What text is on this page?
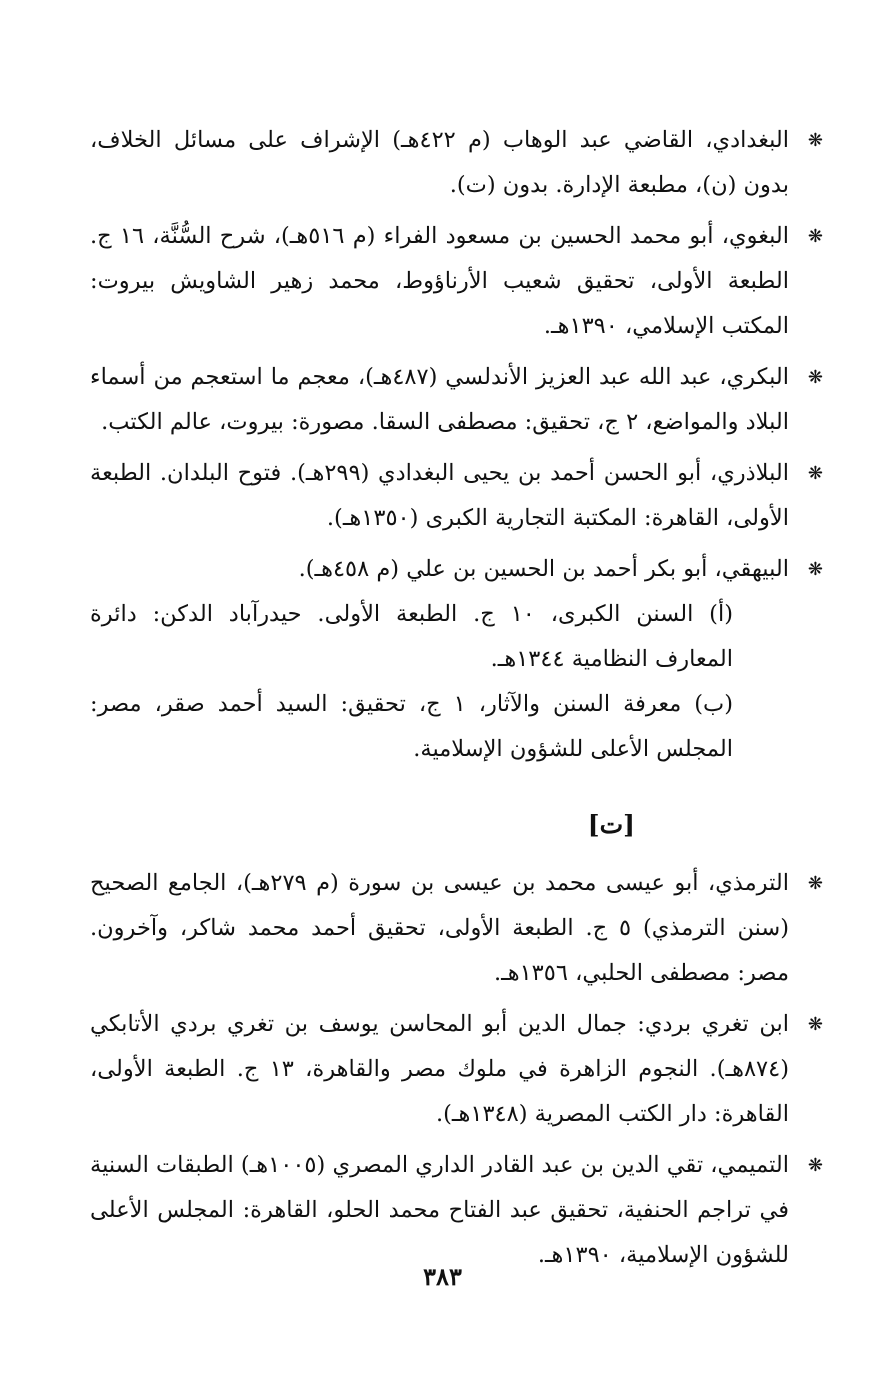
❋
البغدادي، القاضي عبد الوهاب (م ٤٢٢هـ) الإشراف على مسائل الخلاف، بدون (ن)، مطبعة الإدارة. بدون (ت).
❋
البغوي، أبو محمد الحسين بن مسعود الفراء (م ٥١٦هـ)، شرح السُّنَّة، ١٦ ج. الطبعة الأولى، تحقيق شعيب الأرناؤوط، محمد زهير الشاويش بيروت: المكتب الإسلامي، ١٣٩٠هـ.
❋
البكري، عبد الله عبد العزيز الأندلسي (٤٨٧هـ)، معجم ما استعجم من أسماء البلاد والمواضع، ٢ ج، تحقيق: مصطفى السقا. مصورة: بيروت، عالم الكتب.
❋
البلاذري، أبو الحسن أحمد بن يحيى البغدادي (٢٩٩هـ). فتوح البلدان. الطبعة الأولى، القاهرة: المكتبة التجارية الكبرى (١٣٥٠هـ).
❋
البيهقي، أبو بكر أحمد بن الحسين بن علي (م ٤٥٨هـ).
(أ) السنن الكبرى، ١٠ ج. الطبعة الأولى. حيدرآباد الدكن: دائرة المعارف النظامية ١٣٤٤هـ.
(ب) معرفة السنن والآثار، ١ ج، تحقيق: السيد أحمد صقر، مصر: المجلس الأعلى للشؤون الإسلامية.
[ت]
❋
الترمذي، أبو عيسى محمد بن عيسى بن سورة (م ٢٧٩هـ)، الجامع الصحيح (سنن الترمذي) ٥ ج. الطبعة الأولى، تحقيق أحمد محمد شاكر، وآخرون. مصر: مصطفى الحلبي، ١٣٥٦هـ.
❋
ابن تغري بردي: جمال الدين أبو المحاسن يوسف بن تغري بردي الأتابكي (٨٧٤هـ). النجوم الزاهرة في ملوك مصر والقاهرة، ١٣ ج. الطبعة الأولى، القاهرة: دار الكتب المصرية (١٣٤٨هـ).
❋
التميمي، تقي الدين بن عبد القادر الداري المصري (١٠٠٥هـ) الطبقات السنية في تراجم الحنفية، تحقيق عبد الفتاح محمد الحلو، القاهرة: المجلس الأعلى للشؤون الإسلامية، ١٣٩٠هـ.
٣٨٣
